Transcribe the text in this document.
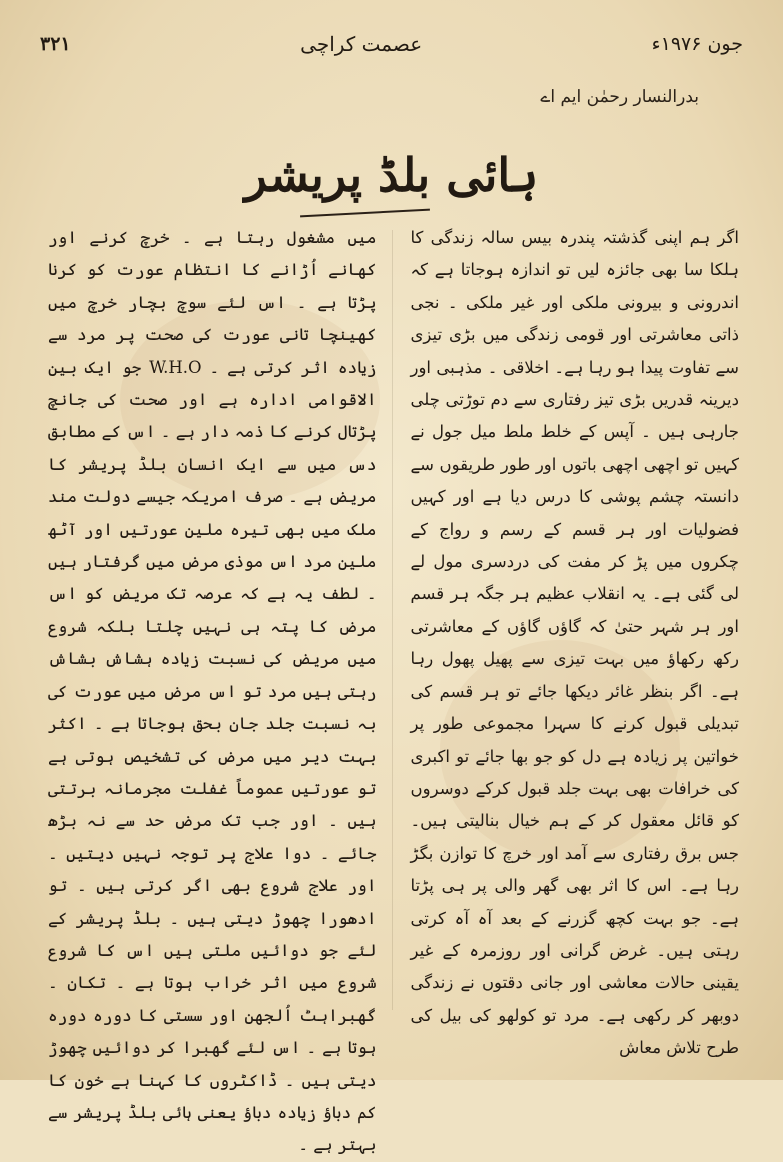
۳۲۱	عصمت کراچی	جون ۱۹۷۶ء
بدرالنسار رحمٰن ایم اے
ہائی بلڈ پریشر

اگر ہم اپنی گذشتہ پندرہ بیس سالہ زندگی کا ہلکا سا بھی جائزہ لیں تو اندازہ ہوجاتا ہے کہ اندرونی و بیرونی ملکی اور غیر ملکی ۔ نجی ذاتی معاشرتی اور قومی زندگی میں بڑی تیزی سے تفاوت پیدا ہو رہا ہے۔ اخلاقی ۔ مذہبی اور دیرینہ قدریں بڑی تیز رفتاری سے دم توڑتی چلی جارہی ہیں ۔ آپس کے خلط ملط میل جول نے کہیں تو اچھی اچھی باتوں اور طور طریقوں سے دانستہ چشم پوشی کا درس دیا ہے اور کہیں فضولیات اور ہر قسم کے رسم و رواج کے چکروں میں پڑ کر مفت کی دردسری مول لے لی گئی ہے۔ یہ انقلاب عظیم ہر جگہ ہر قسم اور ہر شہر حتیٰ کہ گاؤں گاؤں کے معاشرتی رکھ رکھاؤ میں بہت تیزی سے پھیل پھول رہا ہے۔ اگر بنظر غائر دیکھا جائے تو ہر قسم کی تبدیلی قبول کرنے کا سہرا مجموعی طور پر خواتین پر زیادہ ہے دل کو جو بھا جائے تو اکبری کی خرافات بھی بہت جلد قبول کرکے دوسروں کو قائل معقول کر کے ہم خیال بنالیتی ہیں۔ جس برق رفتاری سے آمد اور خرچ کا توازن بگڑ رہا ہے۔ اس کا اثر بھی گھر والی پر ہی پڑتا ہے۔ جو بہت کچھ گزرنے کے بعد آہ آہ کرتی رہتی ہیں۔ غرض گرانی اور روزمرہ کے غیر یقینی حالات معاشی اور جانی دقتوں نے زندگی دوبھر کر رکھی ہے۔ مرد تو کولھو کی بیل کی طرح تلاش معاش

میں مشغول رہتا ہے ۔ خرچ کرنے اور کھانے اُڑانے کا انتظام عورت کو کرنا پڑتا ہے ۔ اس لئے سوچ بچار خرچ میں کھینچا تانی عورت کی صحت پر مرد سے زیادہ اثر کرتی ہے ۔ W.H.O جو ایک بین الاقوامی ادارہ ہے اور صحت کی جانچ پڑتال کرنے کا ذمہ دار ہے ۔ اس کے مطابق دس میں سے ایک انسان بلڈ پریشر کا مریض ہے ۔ صرف امریکہ جیسے دولت مند ملک میں بھی تیرہ ملین عورتیں اور آٹھ ملین مرد اس موذی مرض میں گرفتار ہیں ۔ لطف یہ ہے کہ عرصہ تک مریض کو اس مرض کا پتہ ہی نہیں چلتا بلکہ شروع میں مریض کی نسبت زیادہ ہشاش بشاش رہتی ہیں مرد تو اس مرض میں عورت کی بہ نسبت جلد جان بحق ہوجاتا ہے ۔ اکثر بہت دیر میں مرض کی تشخیص ہوتی ہے تو عورتیں عموماً غفلت مجرمانہ برتتی ہیں ۔ اور جب تک مرض حد سے نہ بڑھ جائے ۔ دوا علاج پر توجہ نہیں دیتیں ۔ اور علاج شروع بھی اگر کرتی ہیں ۔ تو ادھورا چھوڑ دیتی ہیں ۔ بلڈ پریشر کے لئے جو دوائیں ملتی ہیں اس کا شروع شروع میں اثر خراب ہوتا ہے ۔ تکان ۔ گھبراہٹ اُلجھن اور سستی کا دورہ دورہ ہوتا ہے ۔ اس لئے گھبرا کر دوائیں چھوڑ دیتی ہیں ۔ ڈاکٹروں کا کہنا ہے خون کا کم دباؤ زیادہ دباؤ یعنی ہائی بلڈ پریشر سے بہتر ہے ۔
